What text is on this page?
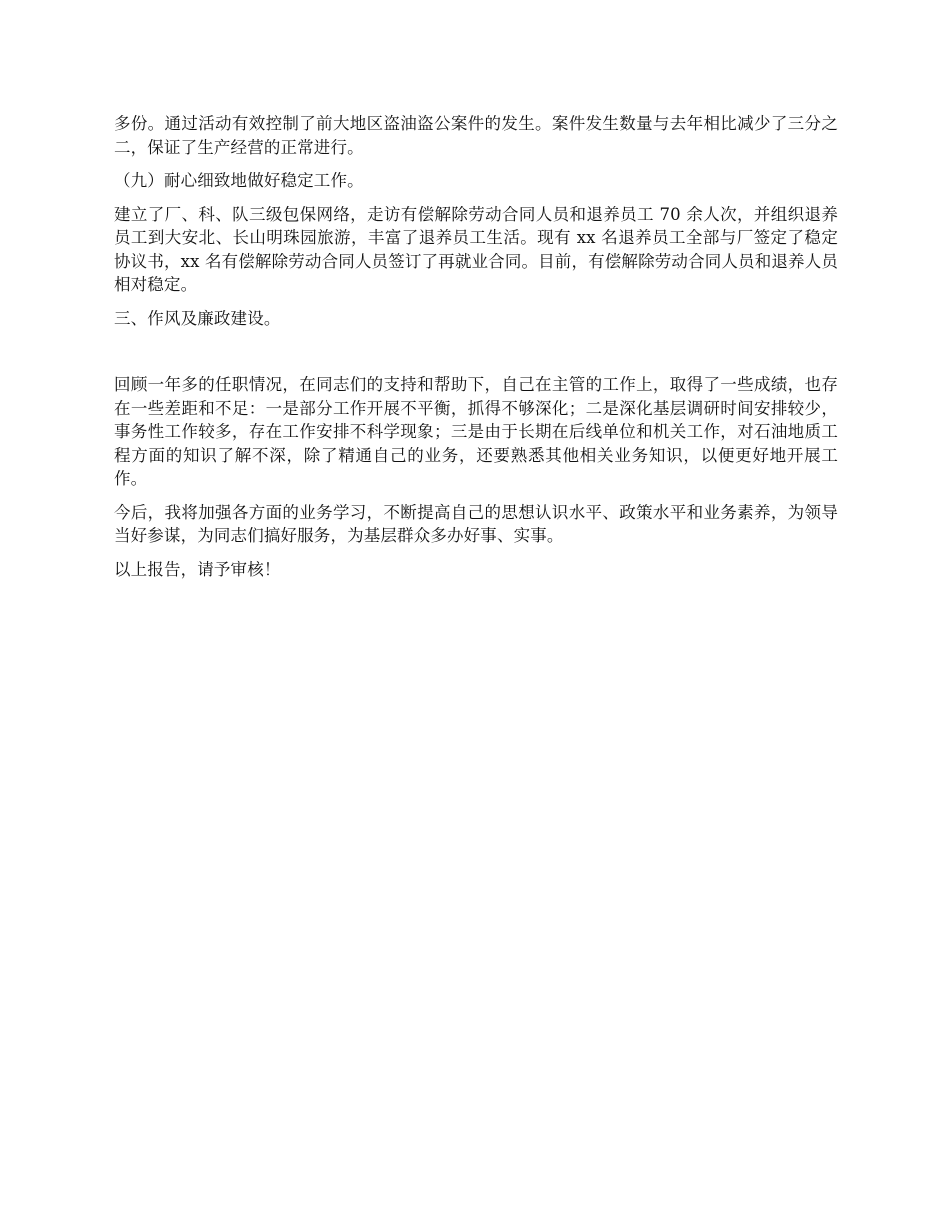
多份。通过活动有效控制了前大地区盗油盗公案件的发生。案件发生数量与去年相比减少了三分之二，保证了生产经营的正常进行。

（九）耐心细致地做好稳定工作。

建立了厂、科、队三级包保网络，走访有偿解除劳动合同人员和退养员工 70 余人次，并组织退养员工到大安北、长山明珠园旅游，丰富了退养员工生活。现有 xx 名退养员工全部与厂签定了稳定协议书，xx 名有偿解除劳动合同人员签订了再就业合同。目前，有偿解除劳动合同人员和退养人员相对稳定。

三、作风及廉政建设。

回顾一年多的任职情况，在同志们的支持和帮助下，自己在主管的工作上，取得了一些成绩，也存在一些差距和不足：一是部分工作开展不平衡，抓得不够深化；二是深化基层调研时间安排较少，事务性工作较多，存在工作安排不科学现象；三是由于长期在后线单位和机关工作，对石油地质工程方面的知识了解不深，除了精通自己的业务，还要熟悉其他相关业务知识，以便更好地开展工作。

今后，我将加强各方面的业务学习，不断提高自己的思想认识水平、政策水平和业务素养，为领导当好参谋，为同志们搞好服务，为基层群众多办好事、实事。

以上报告，请予审核！
